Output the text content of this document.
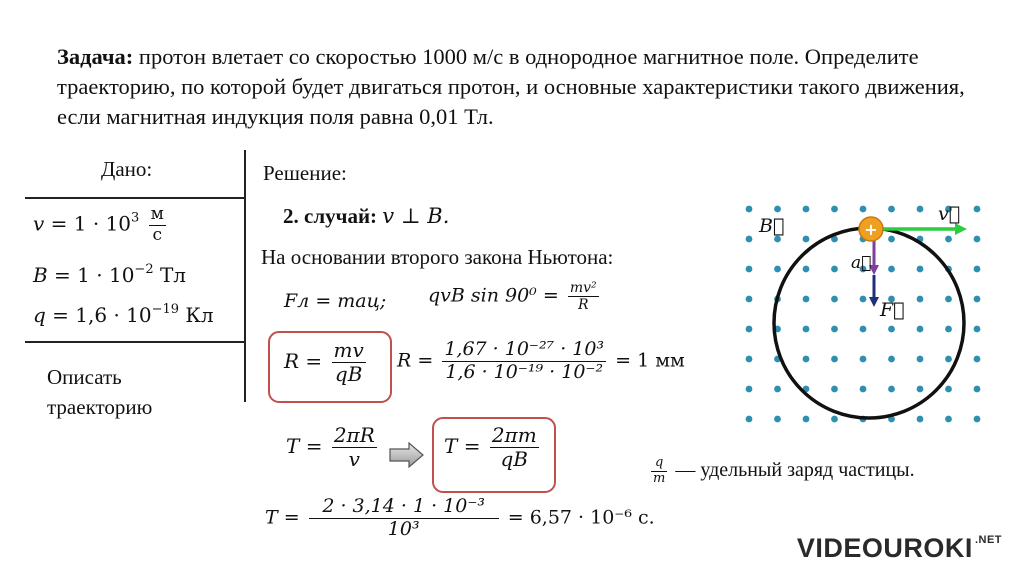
Задача: протон влетает со скоростью 1000 м/с в однородное магнитное поле. Определите траекторию, по которой будет двигаться протон, и основные характеристики такого движения, если магнитная индукция поля равна 0,01 Тл.
Дано:
𝑣 = $1 \cdot 10^3 \frac{м}{с}$
𝐵 = $1 \cdot 10^{-2}$ Тл
𝑞 = $1,6 \cdot 10^{-19}$ Кл
Описать траекторию
Решение:
2. случай: 𝑣 ⊥ 𝐵.
На основании второго закона Ньютона:
𝐹л = 𝑚𝑎ц; 𝑞𝑣𝐵 $\sin 90^0 = \frac{\text{𝑚𝑣²}}{\text{𝑅}}$
𝑅 = $\frac{\text{𝑚𝑣}}{\text{𝑞𝐵}}$ 𝑅 = $\frac{\text{1,67 · 10⁻²⁷ · 10³}}{\text{1,6 · 10⁻¹⁹ · 10⁻²}} = 1$ мм
𝑇 = $\frac{\text{2𝜋𝑅}}{\text{𝑣}}$	𝑇 = $\frac{\text{2𝜋𝑚}}{\text{𝑞𝐵}}$
𝑇 = $\frac{\text{2 · 3,14 · 1 · 10⁻³}}{\text{10³}} = 6,57 \cdot 10^{-6}$ с.
$\frac{\text{𝑞}}{\text{𝑚}}$ — удельный заряд частицы.
+
𝐵⃗
𝑣⃗
𝑎⃗
𝐹⃗
VIDEOUROKI $^{.NET}$
